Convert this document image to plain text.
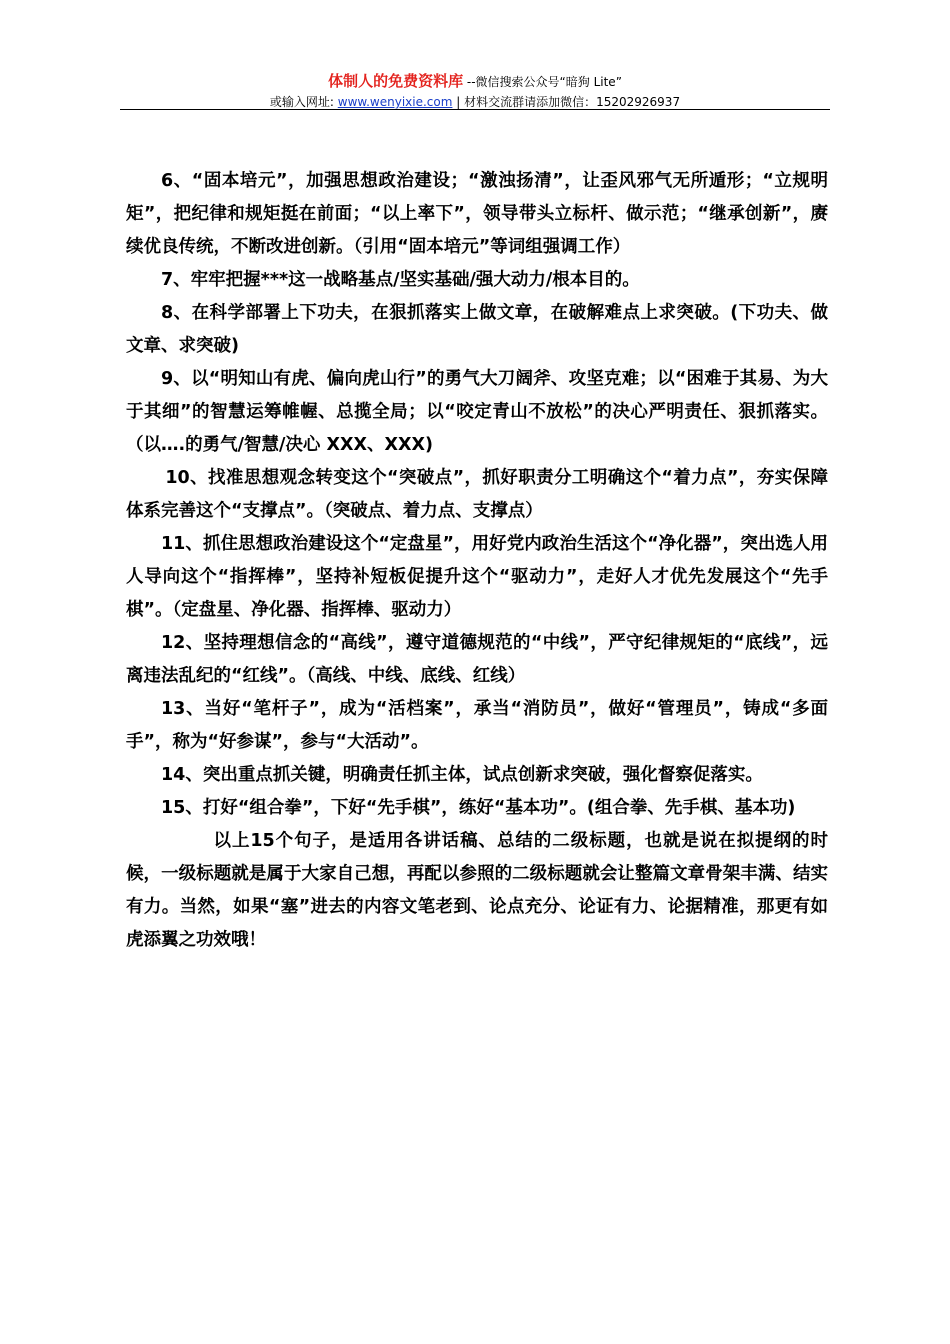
体制人的免费资料库 --微信搜索公众号“暗狗 Lite”
或输入网址: www.wenyixie.com | 材料交流群请添加微信：15202926937

6、“固本培元”，加强思想政治建设；“激浊扬清”，让歪风邪气无所遁形；“立规明矩”，把纪律和规矩挺在前面；“以上率下”，领导带头立标杆、做示范；“继承创新”，赓续优良传统，不断改进创新。（引用“固本培元”等词组强调工作）

7、牢牢把握***这一战略基点/坚实基础/强大动力/根本目的。

8、在科学部署上下功夫，在狠抓落实上做文章，在破解难点上求突破。(下功夫、做文章、求突破)

9、以“明知山有虎、偏向虎山行”的勇气大刀阔斧、攻坚克难；以“困难于其易、为大于其细”的智慧运筹帷幄、总揽全局；以“咬定青山不放松”的决心严明责任、狠抓落实。（以….的勇气/智慧/决心 XXX、XXX)

10、找准思想观念转变这个“突破点”，抓好职责分工明确这个“着力点”，夯实保障体系完善这个“支撑点”。（突破点、着力点、支撑点）

11、抓住思想政治建设这个“定盘星”，用好党内政治生活这个“净化器”，突出选人用人导向这个“指挥棒”，坚持补短板促提升这个“驱动力”，走好人才优先发展这个“先手棋”。（定盘星、净化器、指挥棒、驱动力）

12、坚持理想信念的“高线”，遵守道德规范的“中线”，严守纪律规矩的“底线”，远离违法乱纪的“红线”。（高线、中线、底线、红线）

13、当好“笔杆子”，成为“活档案”，承当“消防员”，做好“管理员”，铸成“多面手”，称为“好参谋”，参与“大活动”。

14、突出重点抓关键，明确责任抓主体，试点创新求突破，强化督察促落实。

15、打好“组合拳”，下好“先手棋”，练好“基本功”。(组合拳、先手棋、基本功)

以上15个句子，是适用各讲话稿、总结的二级标题，也就是说在拟提纲的时候，一级标题就是属于大家自己想，再配以参照的二级标题就会让整篇文章骨架丰满、结实有力。当然，如果“塞”进去的内容文笔老到、论点充分、论证有力、论据精准，那更有如虎添翼之功效哦！
